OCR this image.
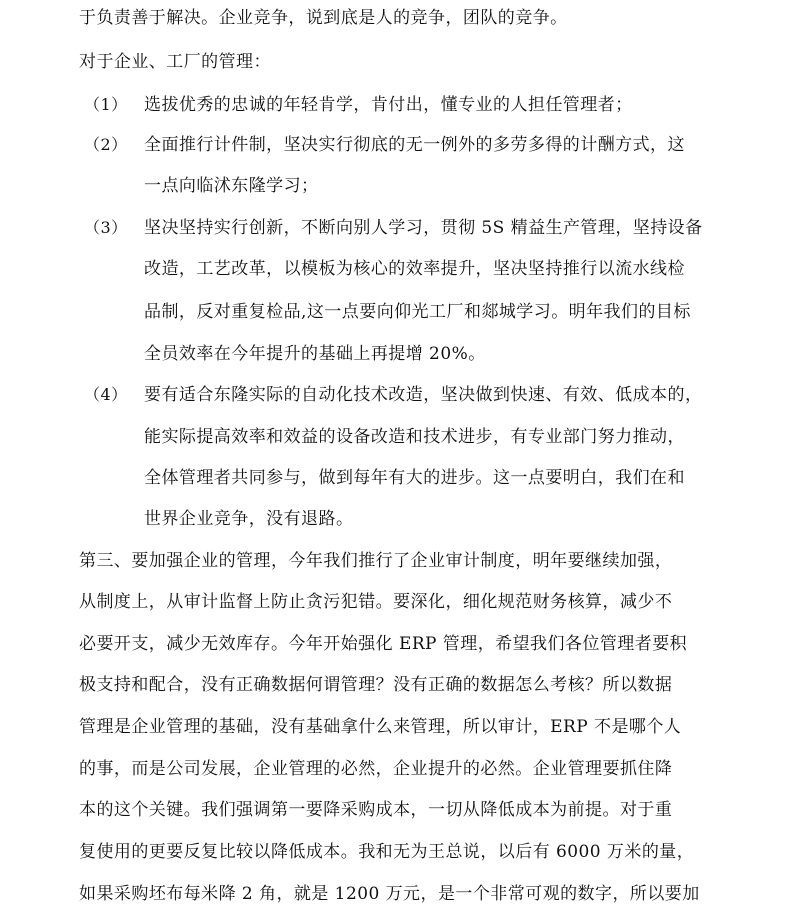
于负责善于解决。企业竞争，说到底是人的竞争，团队的竞争。
对于企业、工厂的管理：
（1） 选拔优秀的忠诚的年轻肯学，肯付出，懂专业的人担任管理者；
（2） 全面推行计件制，坚决实行彻底的无一例外的多劳多得的计酬方式，这
一点向临沭东隆学习；
（3） 坚决坚持实行创新，不断向别人学习，贯彻 5S 精益生产管理，坚持设备
改造，工艺改革，以模板为核心的效率提升，坚决坚持推行以流水线检
品制，反对重复检品,这一点要向仰光工厂和郯城学习。明年我们的目标
全员效率在今年提升的基础上再提增 20%。
（4） 要有适合东隆实际的自动化技术改造，坚决做到快速、有效、低成本的，
能实际提高效率和效益的设备改造和技术进步，有专业部门努力推动，
全体管理者共同参与，做到每年有大的进步。这一点要明白，我们在和
世界企业竞争，没有退路。
第三、要加强企业的管理，今年我们推行了企业审计制度，明年要继续加强，
从制度上，从审计监督上防止贪污犯错。要深化，细化规范财务核算，减少不
必要开支，减少无效库存。今年开始强化 ERP 管理，希望我们各位管理者要积
极支持和配合，没有正确数据何谓管理？没有正确的数据怎么考核？所以数据
管理是企业管理的基础，没有基础拿什么来管理，所以审计，ERP 不是哪个人
的事，而是公司发展，企业管理的必然，企业提升的必然。企业管理要抓住降
本的这个关键。我们强调第一要降采购成本，一切从降低成本为前提。对于重
复使用的更要反复比较以降低成本。我和无为王总说，以后有 6000 万米的量，
如果采购坯布每米降 2 角，就是 1200 万元，是一个非常可观的数字，所以要加
